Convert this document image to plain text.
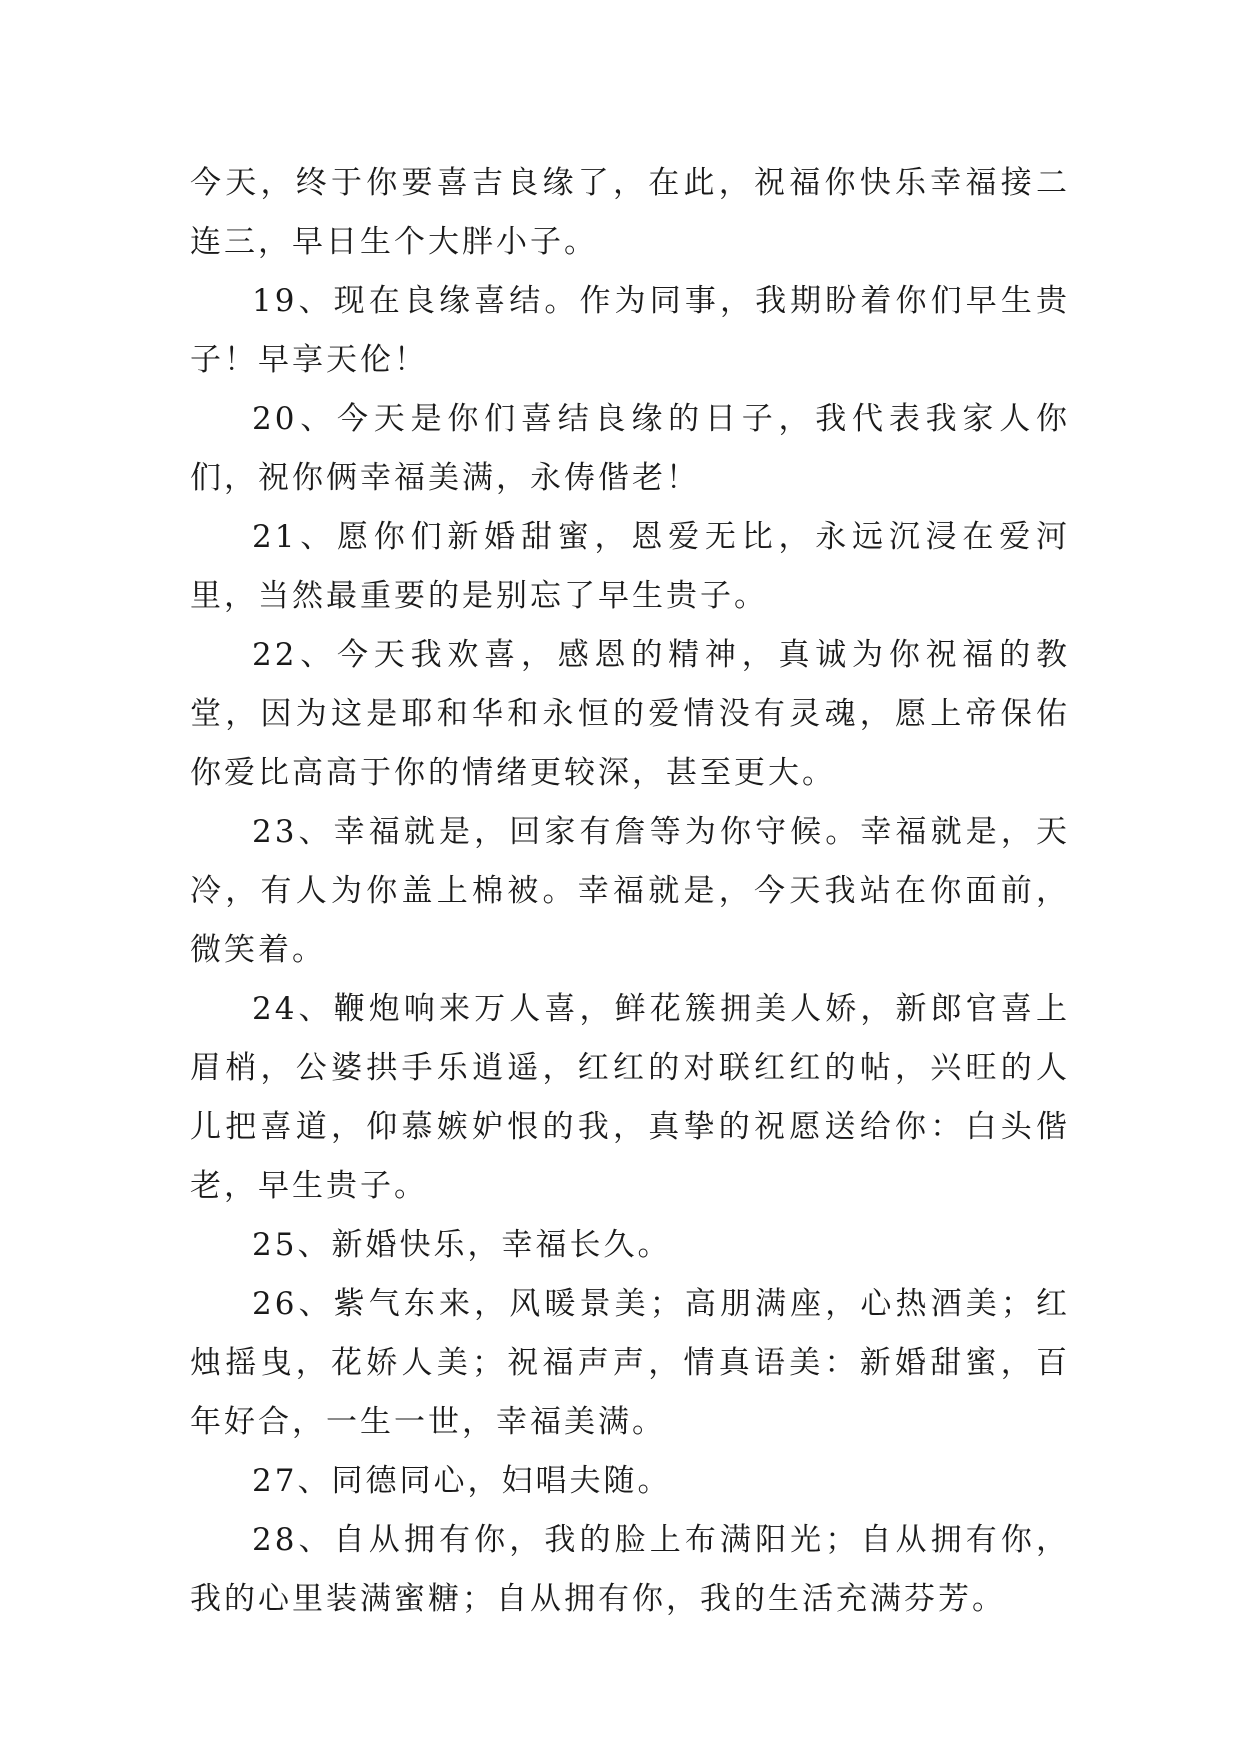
今天，终于你要喜吉良缘了，在此，祝福你快乐幸福接二连三，早日生个大胖小子。

19、现在良缘喜结。作为同事，我期盼着你们早生贵子！早享天伦！

20、今天是你们喜结良缘的日子，我代表我家人你们，祝你俩幸福美满，永俦偕老！

21、愿你们新婚甜蜜，恩爱无比，永远沉浸在爱河里，当然最重要的是别忘了早生贵子。

22、今天我欢喜，感恩的精神，真诚为你祝福的教堂，因为这是耶和华和永恒的爱情没有灵魂，愿上帝保佑你爱比高高于你的情绪更较深，甚至更大。

23、幸福就是，回家有詹等为你守候。幸福就是，天冷，有人为你盖上棉被。幸福就是，今天我站在你面前，微笑着。

24、鞭炮响来万人喜，鲜花簇拥美人娇，新郎官喜上眉梢，公婆拱手乐逍遥，红红的对联红红的帖，兴旺的人儿把喜道，仰慕嫉妒恨的我，真挚的祝愿送给你：白头偕老，早生贵子。

25、新婚快乐，幸福长久。

26、紫气东来，风暖景美；高朋满座，心热酒美；红烛摇曳，花娇人美；祝福声声，情真语美：新婚甜蜜，百年好合，一生一世，幸福美满。

27、同德同心，妇唱夫随。

28、自从拥有你，我的脸上布满阳光；自从拥有你，我的心里装满蜜糖；自从拥有你，我的生活充满芬芳。
